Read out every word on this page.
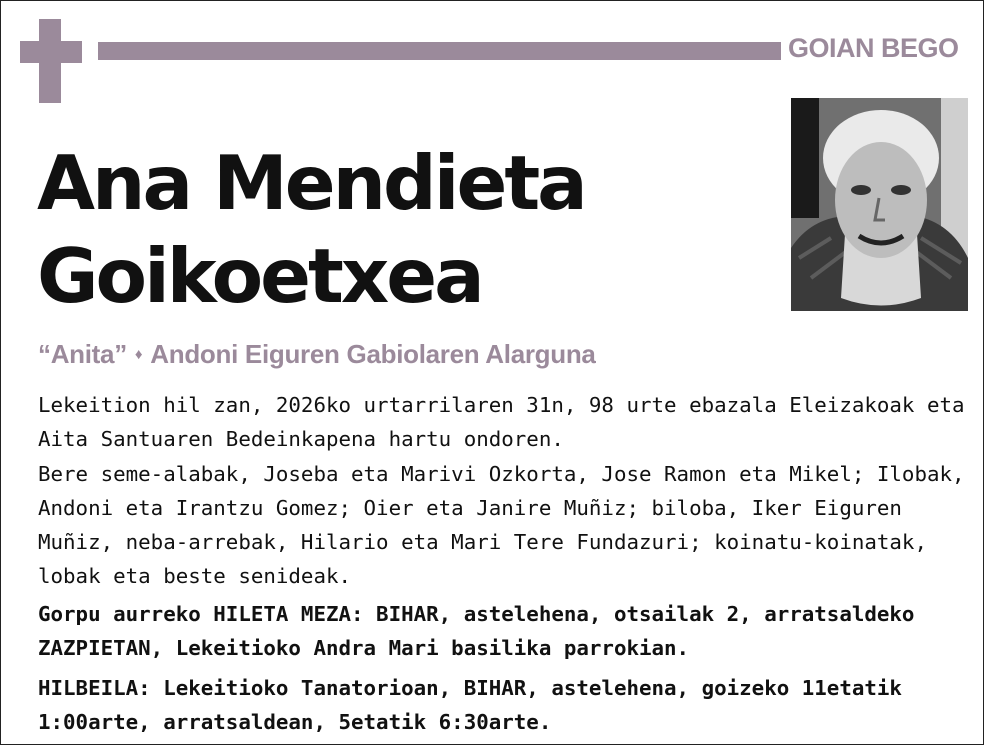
GOIAN BEGO
Ana Mendieta
Goikoetxea
“Anita” ♦ Andoni Eiguren Gabiolaren Alarguna

Lekeition hil zan, 2026ko urtarrilaren 31n, 98 urte ebazala Eleizakoak eta Aita Santuaren Bedeinkapena hartu ondoren.

Bere seme-alabak, Joseba eta Marivi Ozkorta, Jose Ramon eta Mikel; Ilobak, Andoni eta Irantzu Gomez; Oier eta Janire Muñiz; biloba, Iker Eiguren Muñiz, neba-arrebak, Hilario eta Mari Tere Fundazuri; koinatu-koinatak, lobak eta beste senideak.

Gorpu aurreko HILETA MEZA: BIHAR, astelehena, otsailak 2, arratsaldeko ZAZPIETAN, Lekeitioko Andra Mari basilika parrokian.

HILBEILA: Lekeitioko Tanatorioan, BIHAR, astelehena, goizeko 11etatik 1:00arte, arratsaldean, 5etatik 6:30arte.
